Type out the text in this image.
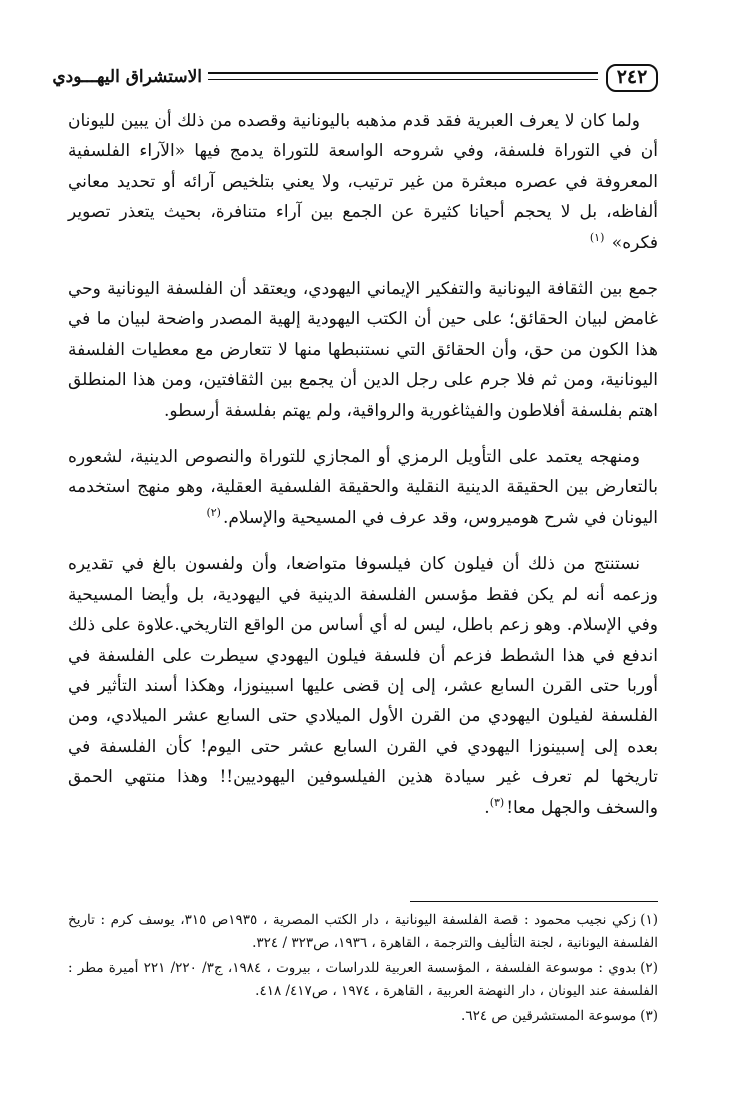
٢٤٢
الاستشراق اليهـــودي

ولما كان لا يعرف العبرية فقد قدم مذهبه باليونانية وقصده من ذلك أن يبين لليونان أن في التوراة فلسفة، وفي شروحه الواسعة للتوراة يدمج فيها «الآراء الفلسفية المعروفة في عصره مبعثرة من غير ترتيب، ولا يعني بتلخيص آرائه أو تحديد معاني ألفاظه، بل لا يحجم أحيانا كثيرة عن الجمع بين آراء متنافرة، بحيث يتعذر تصوير فكره» $^{(١)}$

جمع بين الثقافة اليونانية والتفكير الإيماني اليهودي، ويعتقد أن الفلسفة اليونانية وحي غامض لبيان الحقائق؛ على حين أن الكتب اليهودية إلهية المصدر واضحة لبيان ما في هذا الكون من حق، وأن الحقائق التي نستنبطها منها لا تتعارض مع معطيات الفلسفة اليونانية، ومن ثم فلا جرم على رجل الدين أن يجمع بين الثقافتين، ومن هذا المنطلق اهتم بفلسفة أفلاطون والفيثاغورية والرواقية، ولم يهتم بفلسفة أرسطو.

ومنهجه يعتمد على التأويل الرمزي أو المجازي للتوراة والنصوص الدينية، لشعوره بالتعارض بين الحقيقة الدينية النقلية والحقيقة الفلسفية العقلية، وهو منهج استخدمه اليونان في شرح هوميروس، وقد عرف في المسيحية والإسلام.$^{(٢)}$

نستنتج من ذلك أن فيلون كان فيلسوفا متواضعا، وأن ولفسون بالغ في تقديره وزعمه أنه لم يكن فقط مؤسس الفلسفة الدينية في اليهودية، بل وأيضا المسيحية وفي الإسلام. وهو زعم باطل، ليس له أي أساس من الواقع التاريخي.علاوة على ذلك اندفع في هذا الشطط فزعم أن فلسفة فيلون اليهودي سيطرت على الفلسفة في أوربا حتى القرن السابع عشر، إلى إن قضى عليها اسبينوزا، وهكذا أسند التأثير في الفلسفة لفيلون اليهودي من القرن الأول الميلادي حتى السابع عشر الميلادي، ومن بعده إلى إسبينوزا اليهودي في القرن السابع عشر حتى اليوم! كأن الفلسفة في تاريخها لم تعرف غير سيادة هذين الفيلسوفين اليهوديين!! وهذا منتهي الحمق والسخف والجهل معا!$^{(٣)}$.

(١)زكي نجيب محمود : قصة الفلسفة اليونانية ، دار الكتب المصرية ، ١٩٣٥ص ٣١٥، يوسف كرم : تاريخ الفلسفة اليونانية ، لجنة التأليف والترجمة ، القاهرة ، ١٩٣٦، ص٣٢٣ / ٣٢٤.

(٢)بدوي : موسوعة الفلسفة ، المؤسسة العربية للدراسات ، بيروت ، ١٩٨٤، ج٣/ ٢٢٠/ ٢٢١ أميرة مطر : الفلسفة عند اليونان ، دار النهضة العربية ، القاهرة ، ١٩٧٤ ، ص٤١٧/ ٤١٨.

(٣)موسوعة المستشرقين ص ٦٢٤.
